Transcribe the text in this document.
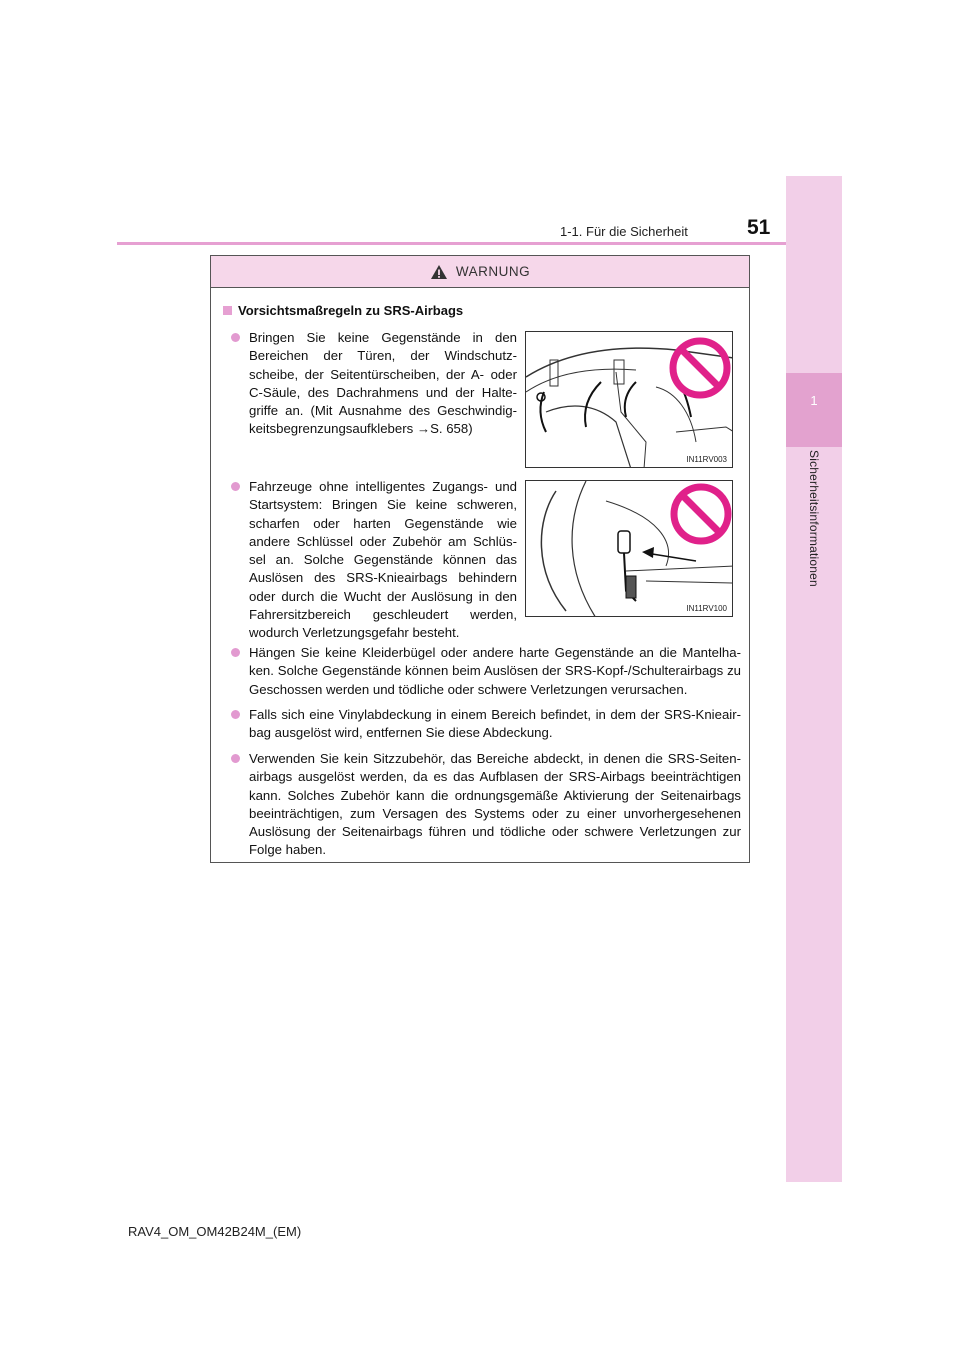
1
Sicherheitsinformationen
1-1. Für die Sicherheit	51
WARNUNG
Vorsichtsmaßregeln zu SRS-Airbags
Bringen Sie keine Gegenstände in den Bereichen der Türen, der Windschutz-scheibe, der Seitentürscheiben, der A- oder C-Säule, des Dachrahmens und der Halte-griffe an. (Mit Ausnahme des Geschwindig-keitsbegrenzungsaufklebers →S. 658)
IN11RV003
Fahrzeuge ohne intelligentes Zugangs- und Startsystem: Bringen Sie keine schweren, scharfen oder harten Gegenstände wie andere Schlüssel oder Zubehör am Schlüs-sel an. Solche Gegenstände können das Auslösen des SRS-Knieairbags behindern oder durch die Wucht der Auslösung in den Fahrersitzbereich geschleudert werden, wodurch Verletzungsgefahr besteht.
IN11RV100
Hängen Sie keine Kleiderbügel oder andere harte Gegenstände an die Mantelha-ken. Solche Gegenstände können beim Auslösen der SRS-Kopf-/Schulterairbags zu Geschossen werden und tödliche oder schwere Verletzungen verursachen.
Falls sich eine Vinylabdeckung in einem Bereich befindet, in dem der SRS-Knieair-bag ausgelöst wird, entfernen Sie diese Abdeckung.
Verwenden Sie kein Sitzzubehör, das Bereiche abdeckt, in denen die SRS-Seiten-airbags ausgelöst werden, da es das Aufblasen der SRS-Airbags beeinträchtigen kann. Solches Zubehör kann die ordnungsgemäße Aktivierung der Seitenairbags beeinträchtigen, zum Versagen des Systems oder zu einer unvorhergesehenen Auslösung der Seitenairbags führen und tödliche oder schwere Verletzungen zur Folge haben.
RAV4_OM_OM42B24M_(EM)
